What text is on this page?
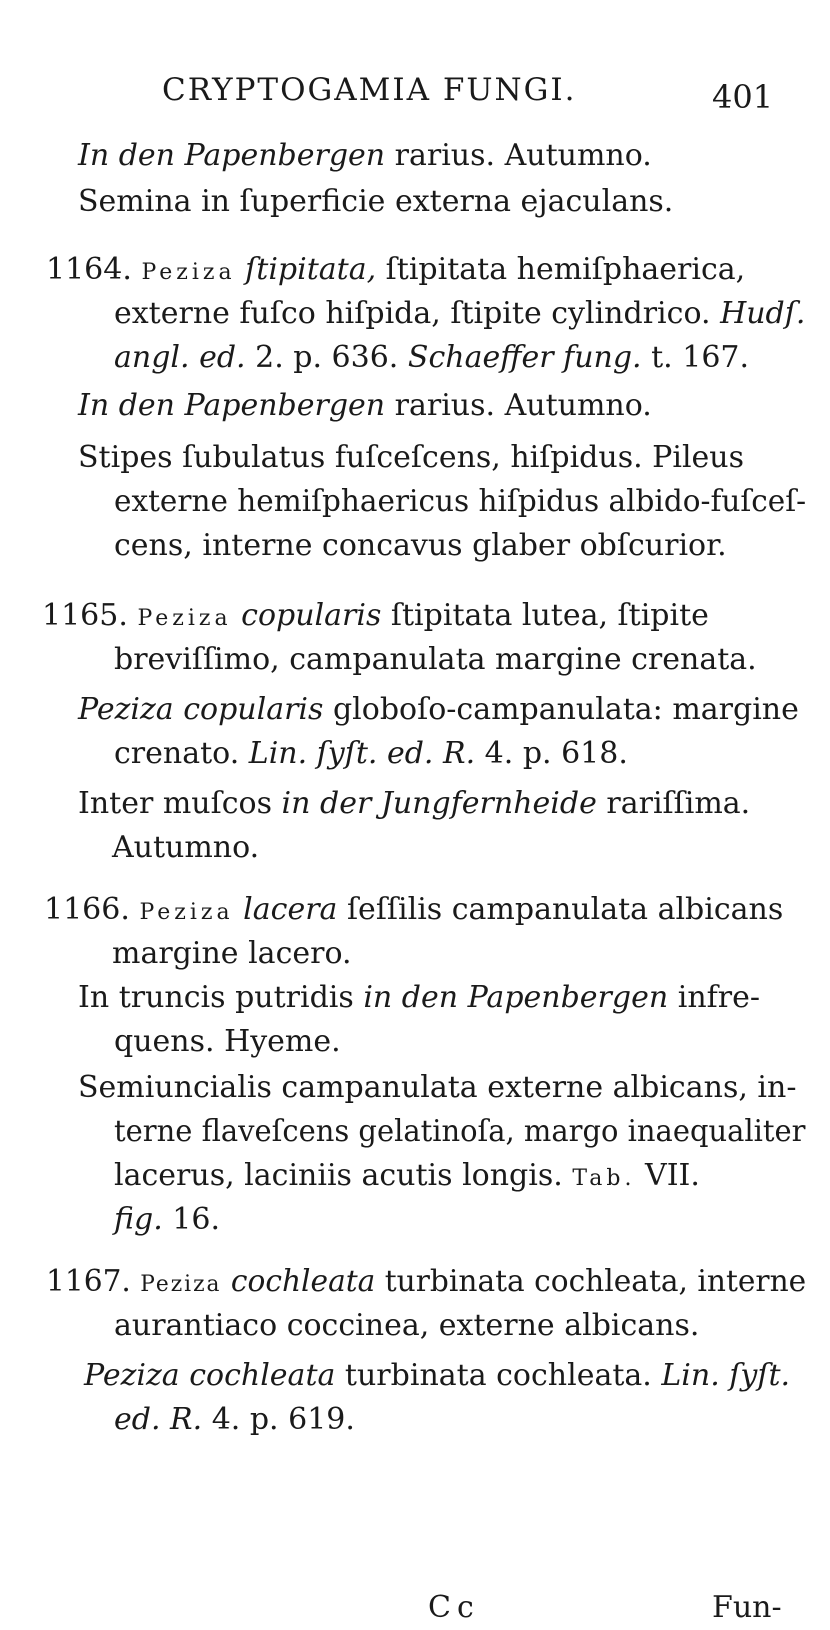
CRYPTOGAMIA FUNGI.	401
In den Papenbergen rarius. Autumno.
Semina in ſuperficie externa ejaculans.
1164. Peziza ſtipitata, ſtipitata hemiſphaerica,
externe fuſco hiſpida, ſtipite cylindrico. Hudſ.
angl. ed. 2. p. 636. Schaeffer fung. t. 167.
In den Papenbergen rarius. Autumno.
Stipes ſubulatus fuſceſcens, hiſpidus. Pileus
externe hemiſphaericus hiſpidus albido-fuſceſ-
cens, interne concavus glaber obſcurior.
1165. Peziza copularis ſtipitata lutea, ſtipite
breviſſimo, campanulata margine crenata.
Peziza copularis globoſo-campanulata: margine
crenato. Lin. ſyſt. ed. R. 4. p. 618.
Inter muſcos in der Jungfernheide rariſſima.
Autumno.
1166. Peziza lacera ſeſſilis campanulata albicans
margine lacero.
In truncis putridis in den Papenbergen infre-
quens. Hyeme.
Semiuncialis campanulata externe albicans, in-
terne flaveſcens gelatinoſa, margo inaequaliter
lacerus, laciniis acutis longis. Tab. VII.
fig. 16.
1167. Peziza cochleata turbinata cochleata, interne
aurantiaco coccinea, externe albicans.
Peziza cochleata turbinata cochleata. Lin. ſyſt.
ed. R. 4. p. 619.
Cc	Fun-
